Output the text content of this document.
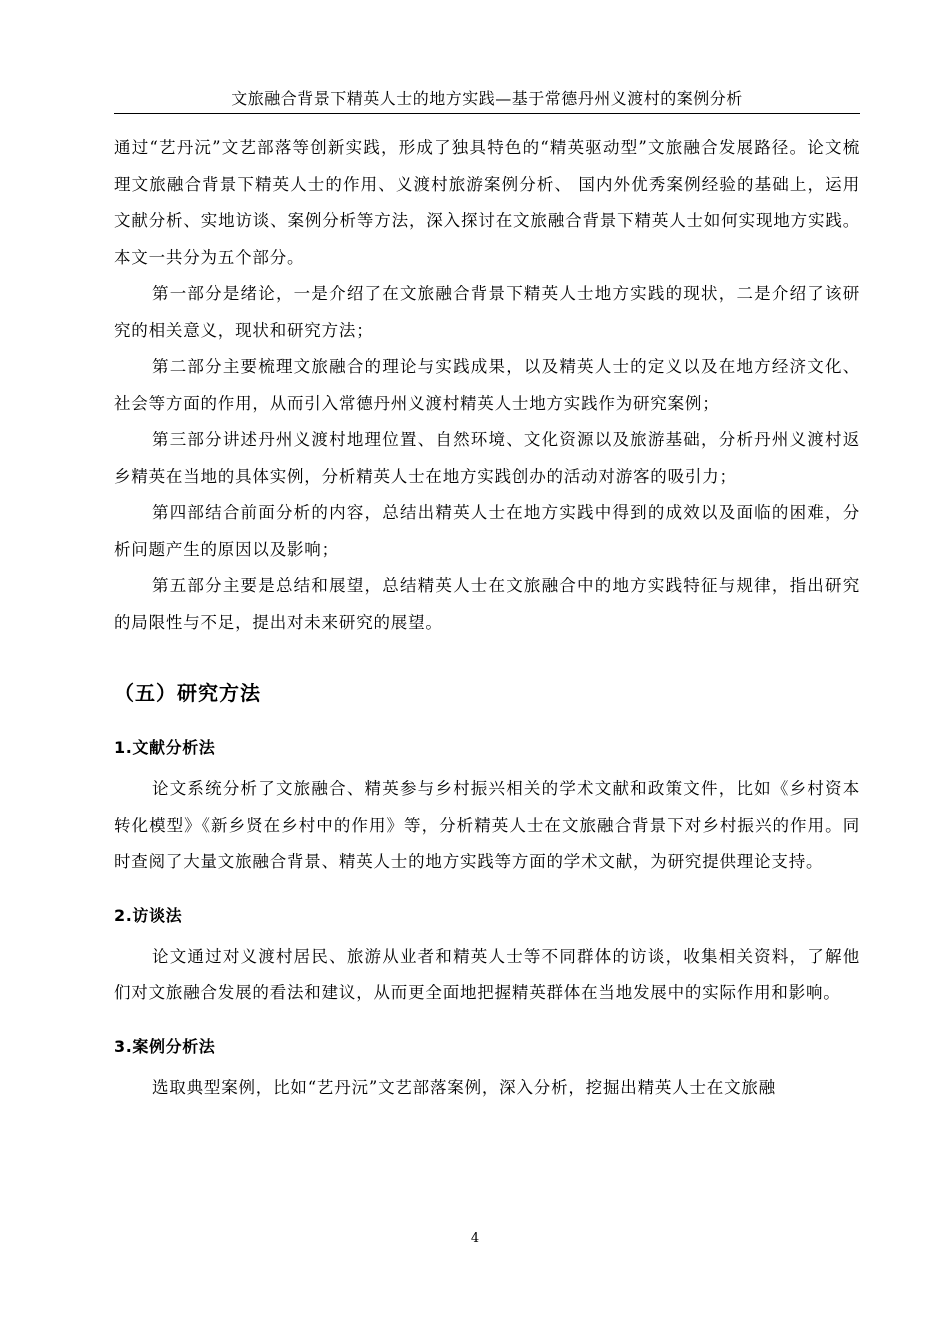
文旅融合背景下精英人士的地方实践—基于常德丹州义渡村的案例分析

通过“艺丹沅”文艺部落等创新实践，形成了独具特色的“精英驱动型”文旅融合发展路径。论文梳理文旅融合背景下精英人士的作用、义渡村旅游案例分析、 国内外优秀案例经验的基础上，运用文献分析、实地访谈、案例分析等方法，深入探讨在文旅融合背景下精英人士如何实现地方实践。本文一共分为五个部分。

第一部分是绪论，一是介绍了在文旅融合背景下精英人士地方实践的现状，二是介绍了该研究的相关意义，现状和研究方法；

第二部分主要梳理文旅融合的理论与实践成果，以及精英人士的定义以及在地方经济文化、社会等方面的作用，从而引入常德丹州义渡村精英人士地方实践作为研究案例；

第三部分讲述丹州义渡村地理位置、自然环境、文化资源以及旅游基础，分析丹州义渡村返乡精英在当地的具体实例，分析精英人士在地方实践创办的活动对游客的吸引力；

第四部结合前面分析的内容，总结出精英人士在地方实践中得到的成效以及面临的困难，分析问题产生的原因以及影响；

第五部分主要是总结和展望，总结精英人士在文旅融合中的地方实践特征与规律，指出研究的局限性与不足，提出对未来研究的展望。

（五）研究方法
1.文献分析法

论文系统分析了文旅融合、精英参与乡村振兴相关的学术文献和政策文件，比如《乡村资本转化模型》《新乡贤在乡村中的作用》等，分析精英人士在文旅融合背景下对乡村振兴的作用。同时查阅了大量文旅融合背景、精英人士的地方实践等方面的学术文献，为研究提供理论支持。

2.访谈法

论文通过对义渡村居民、旅游从业者和精英人士等不同群体的访谈，收集相关资料，了解他们对文旅融合发展的看法和建议，从而更全面地把握精英群体在当地发展中的实际作用和影响。

3.案例分析法

选取典型案例，比如“艺丹沅”文艺部落案例，深入分析，挖掘出精英人士在文旅融

4
